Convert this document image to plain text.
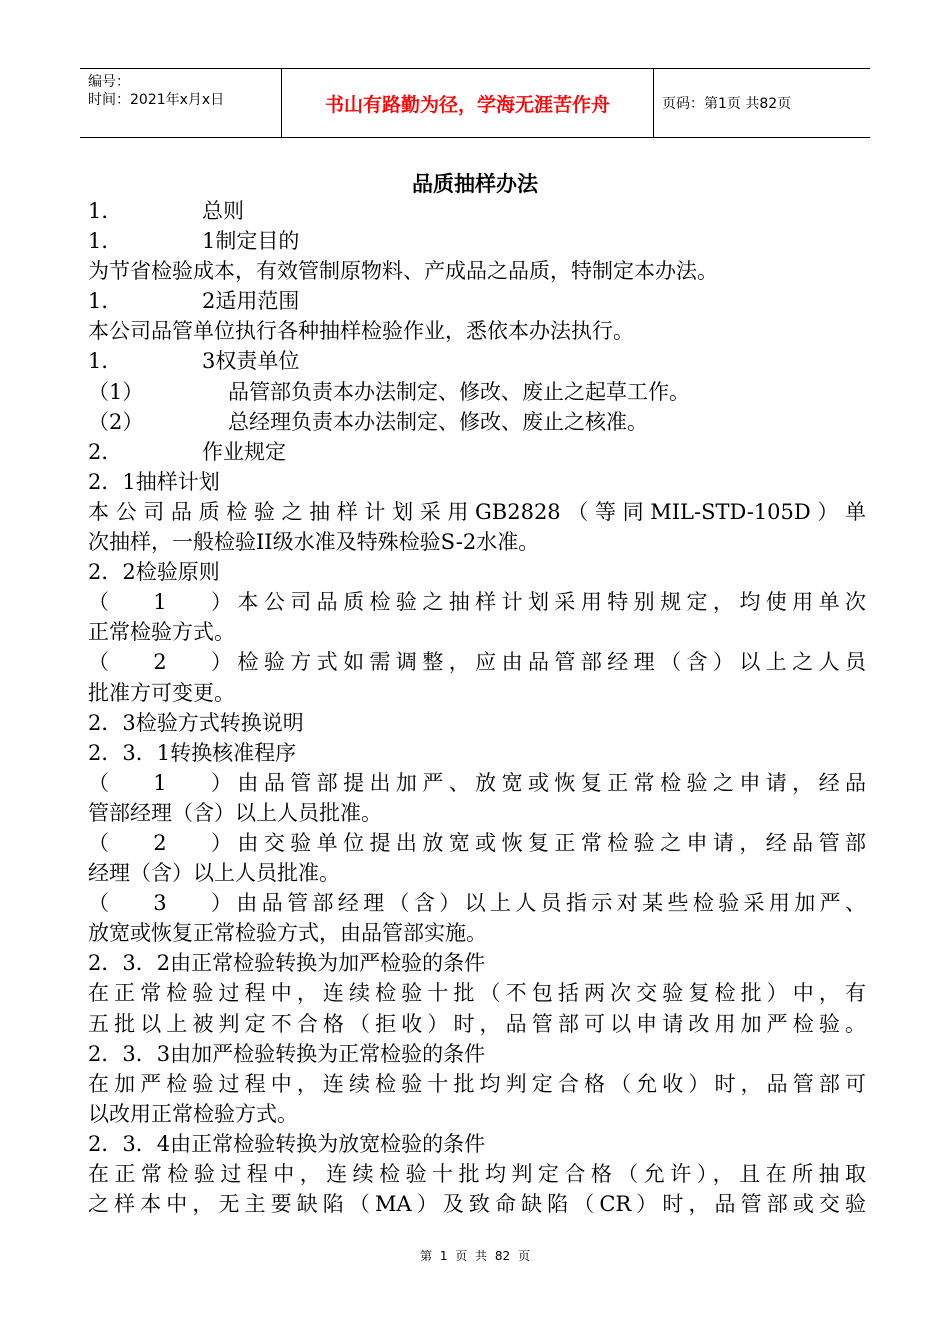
编号：
时间：2021年x月x日	书山有路勤为径，学海无涯苦作舟	页码：第1页 共82页
品质抽样办法
1．	总则
1．	1制定目的
为节省检验成本，有效管制原物料、产成品之品质，特制定本办法。
1．	2适用范围
本公司品管单位执行各种抽样检验作业，悉依本办法执行。
1．	3权责单位
（1）	品管部负责本办法制定、修改、废止之起草工作。
（2）	总经理负责本办法制定、修改、废止之核准。
2．	作业规定
2．1抽样计划
本公司品质检验之抽样计划采用GB2828（等同MIL-STD-105D）单
次抽样，一般检验II级水准及特殊检验S-2水准。
2．2检验原则
（1）本公司品质检验之抽样计划采用特别规定，均使用单次
正常检验方式。
（2）检验方式如需调整，应由品管部经理（含）以上之人员
批准方可变更。
2．3检验方式转换说明
2．3．1转换核准程序
（1）由品管部提出加严、放宽或恢复正常检验之申请，经品
管部经理（含）以上人员批准。
（2）由交验单位提出放宽或恢复正常检验之申请，经品管部
经理（含）以上人员批准。
（3）由品管部经理（含）以上人员指示对某些检验采用加严、
放宽或恢复正常检验方式，由品管部实施。
2．3．2由正常检验转换为加严检验的条件
在正常检验过程中，连续检验十批（不包括两次交验复检批）中，有
五批以上被判定不合格（拒收）时，品管部可以申请改用加严检验。
2．3．3由加严检验转换为正常检验的条件
在加严检验过程中，连续检验十批均判定合格（允收）时，品管部可
以改用正常检验方式。
2．3．4由正常检验转换为放宽检验的条件
在正常检验过程中，连续检验十批均判定合格（允许），且在所抽取
之样本中，无主要缺陷（MA）及致命缺陷（CR）时，品管部或交验
第 1 页 共 82 页
